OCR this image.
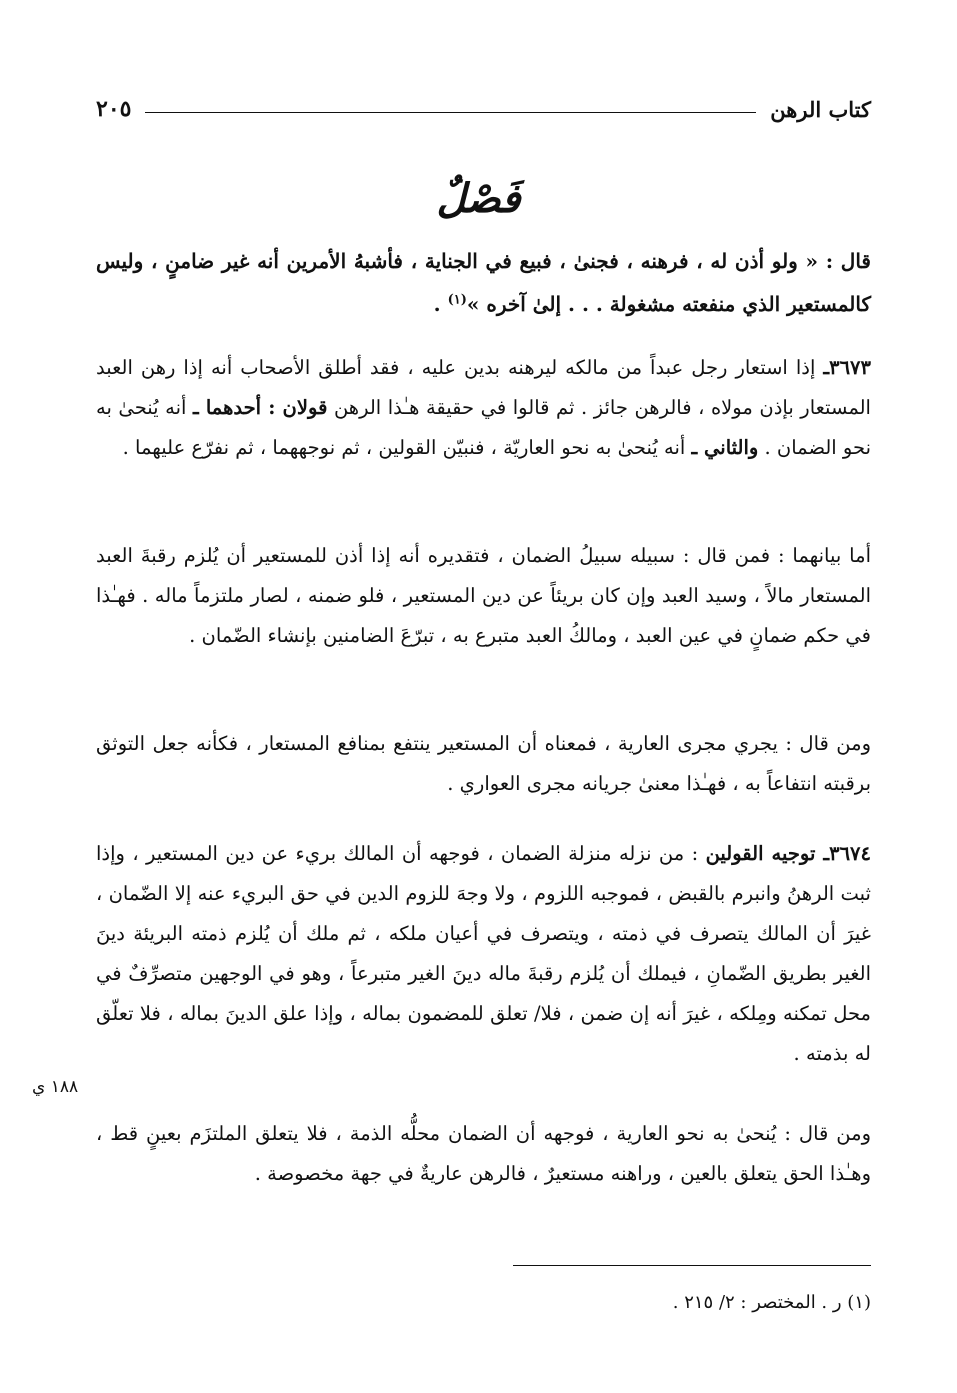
كتاب الرهن
٢٠٥
فَصْلٌ
قال : « ولو أذن له ، فرهنه ، فجنىٰ ، فبيع في الجناية ، فأشبهُ الأمرين أنه غير ضامنٍ ، وليس كالمستعير الذي منفعته مشغولة . . . إلىٰ آخره »$^{(١)}$ .
٣٦٧٣ـ إذا استعار رجل عبداً من مالكه ليرهنه بدين عليه ، فقد أطلق الأصحاب أنه إذا رهن العبد المستعار بإذن مولاه ، فالرهن جائز . ثم قالوا في حقيقة هـٰذا الرهن قولان : أحدهما ـ أنه يُنحىٰ به نحو الضمان . والثاني ـ أنه يُنحىٰ به نحو العاريّة ، فنبيّن القولين ، ثم نوجههما ، ثم نفرّع عليهما .
أما بيانهما : فمن قال : سبيله سبيلُ الضمان ، فتقديره أنه إذا أذن للمستعير أن يُلزم رقبةَ العبد المستعار مالاً ، وسيد العبد وإن كان بريئاً عن دين المستعير ، فلو ضمنه ، لصار ملتزماً ماله . فهـٰذا في حكم ضمانٍ في عين العبد ، ومالكُ العبد متبرع به ، تبرّعَ الضامنين بإنشاء الضّمان .
ومن قال : يجري مجرى العارية ، فمعناه أن المستعير ينتفع بمنافع المستعار ، فكأنه جعل التوثق برقبته انتفاعاً به ، فهـٰذا معنىٰ جريانه مجرى العواري .
٣٦٧٤ـ توجيه القولين : من نزله منزلة الضمان ، فوجهه أن المالك بريء عن دين المستعير ، وإذا ثبت الرهنُ وانبرم بالقبض ، فموجبه اللزوم ، ولا وجهَ للزوم الدين في حق البريء عنه إلا الضّمان ، غيرَ أن المالك يتصرف في ذمته ، ويتصرف في أعيان ملكه ، ثم ملك أن يُلزم ذمته البريئة دينَ الغير بطريق الضّمانِ ، فيملك أن يُلزم رقبةَ ماله دينَ الغير متبرعاً ، وهو في الوجهين متصرِّفٌ في محل تمكنه ومِلكه ، غيرَ أنه إن ضمن ، فلا/ تعلق للمضمون بماله ، وإذا علق الدينَ بماله ، فلا تعلّق له بذمته .
١٨٨ ي
ومن قال : يُنحىٰ به نحو العارية ، فوجهه أن الضمان محلُّه الذمة ، فلا يتعلق الملتزَم بعينٍ قط ، وهـٰذا الحق يتعلق بالعين ، وراهنه مستعيرٌ ، فالرهن عاريةٌ في جهة مخصوصة .
(١) ر . المختصر : ٢/ ٢١٥ .
